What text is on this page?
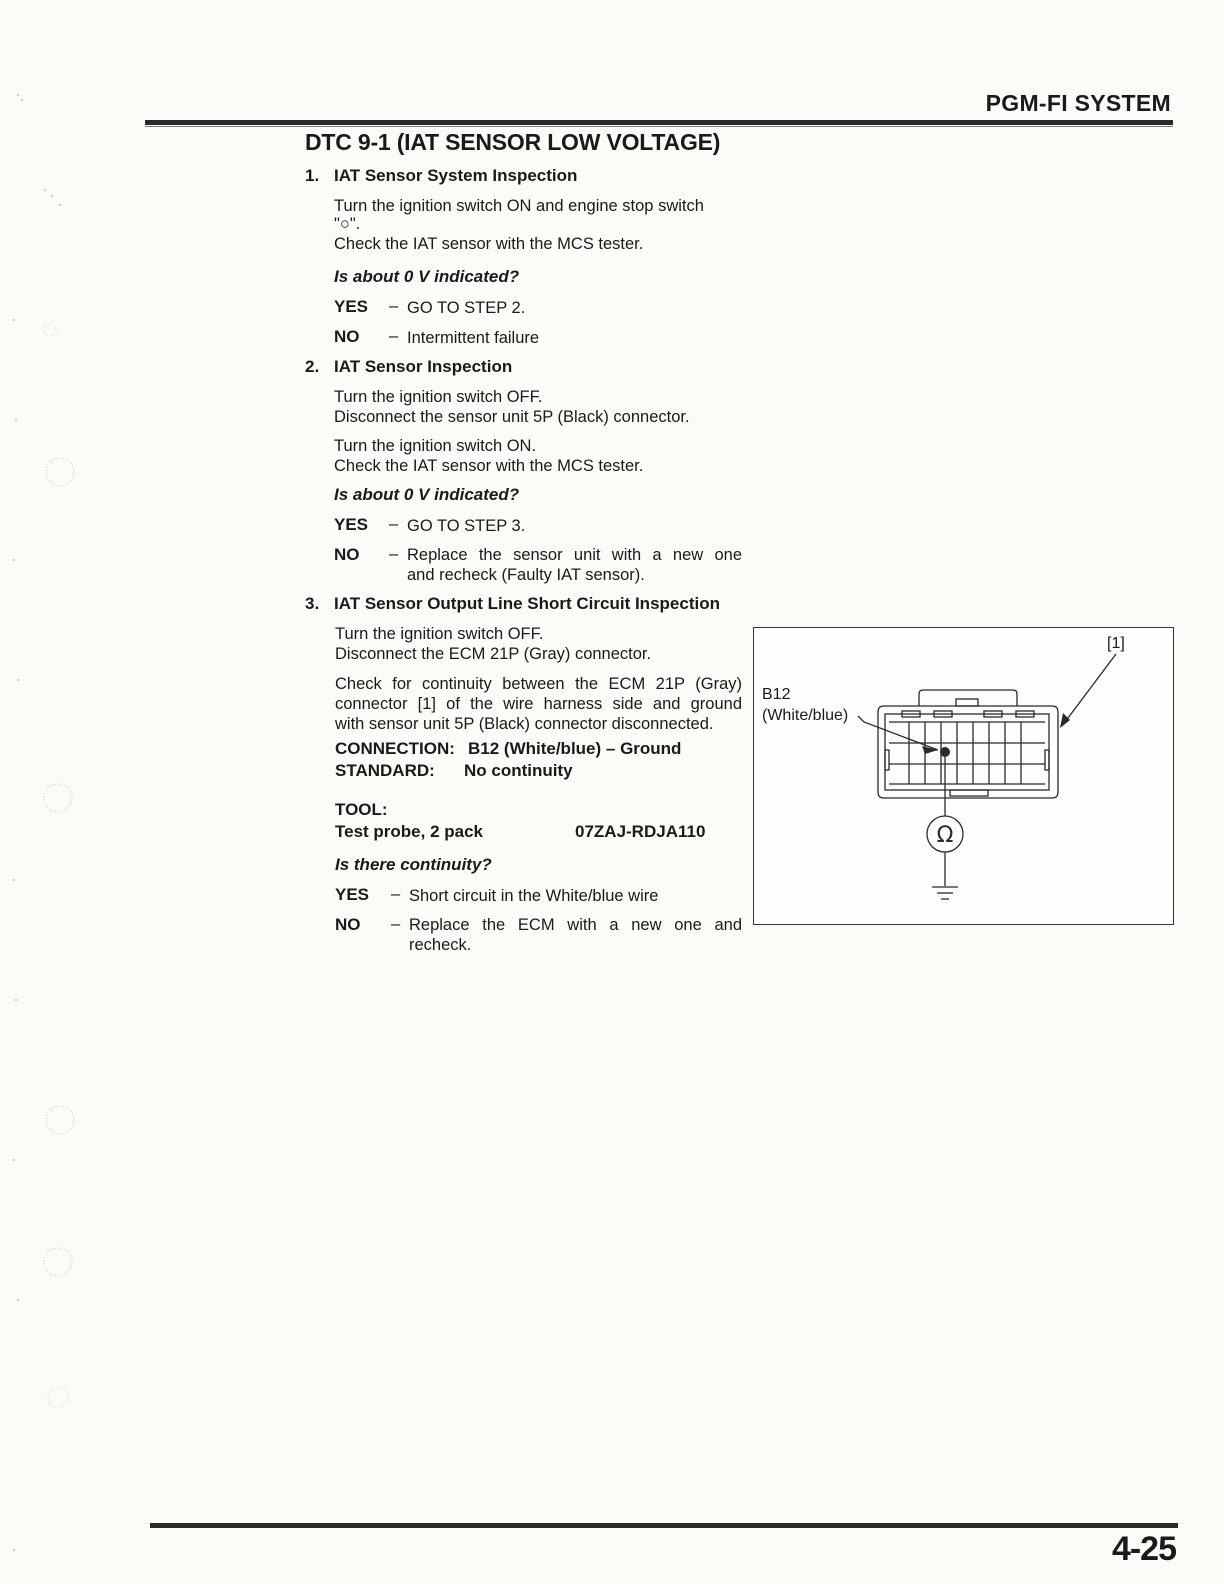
PGM-FI SYSTEM
DTC 9-1 (IAT SENSOR LOW VOLTAGE)
1. IAT Sensor System Inspection
Turn the ignition switch ON and engine stop switch
"○".
Check the IAT sensor with the MCS tester.
Is about 0 V indicated?
YES – GO TO STEP 2.
NO – Intermittent failure
2. IAT Sensor Inspection
Turn the ignition switch OFF.
Disconnect the sensor unit 5P (Black) connector.
Turn the ignition switch ON.
Check the IAT sensor with the MCS tester.
Is about 0 V indicated?
YES – GO TO STEP 3.
NO – Replace the sensor unit with a new one
and recheck (Faulty IAT sensor).
3. IAT Sensor Output Line Short Circuit Inspection
Turn the ignition switch OFF.
Disconnect the ECM 21P (Gray) connector.
Check for continuity between the ECM 21P (Gray)
connector [1] of the wire harness side and ground
with sensor unit 5P (Black) connector disconnected.
CONNECTION: B12 (White/blue) – Ground
STANDARD: No continuity
TOOL:
Test probe, 2 pack	07ZAJ-RDJA110
Is there continuity?
YES – Short circuit in the White/blue wire
NO – Replace the ECM with a new one and
recheck.
[1]
B12
(White/blue)
Ω
4-25
